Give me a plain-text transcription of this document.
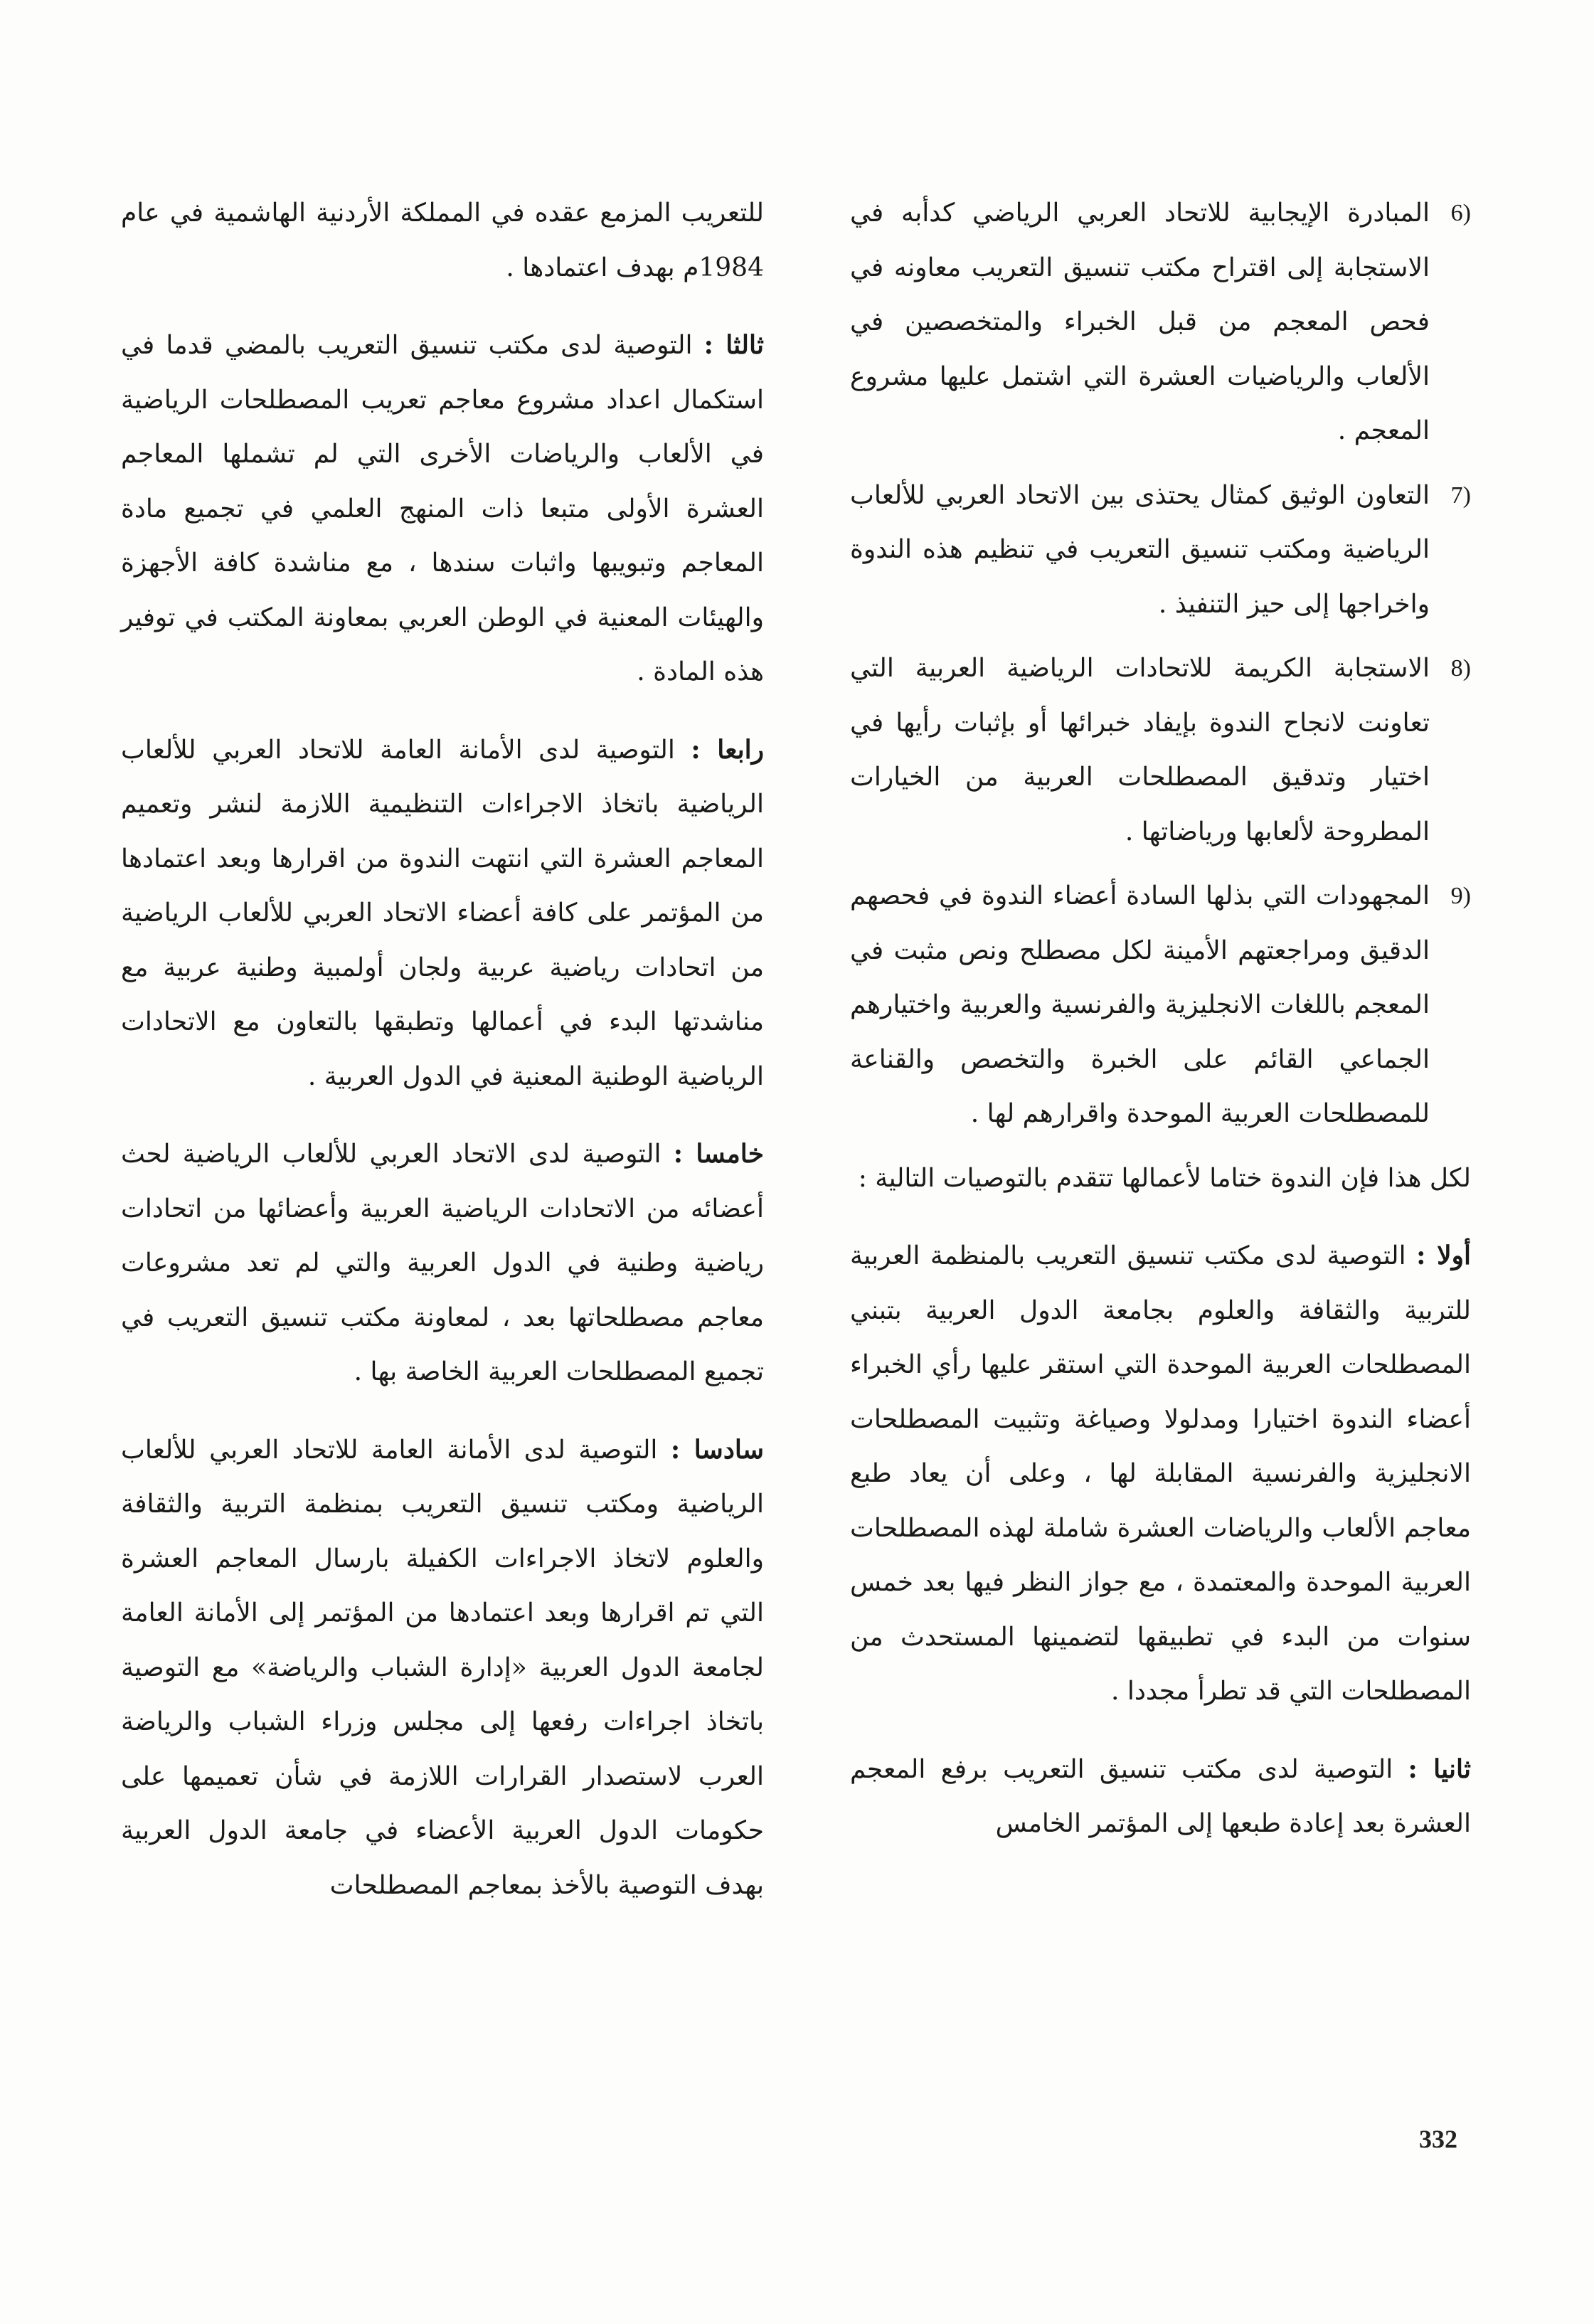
6)
المبادرة الإيجابية للاتحاد العربي الرياضي كدأبه في الاستجابة إلى اقتراح مكتب تنسيق التعريب معاونه في فحص المعجم من قبل الخبراء والمتخصصين في الألعاب والرياضيات العشرة التي اشتمل عليها مشروع المعجم .
7)
التعاون الوثيق كمثال يحتذى بين الاتحاد العربي للألعاب الرياضية ومكتب تنسيق التعريب في تنظيم هذه الندوة واخراجها إلى حيز التنفيذ .
8)
الاستجابة الكريمة للاتحادات الرياضية العربية التي تعاونت لانجاح الندوة بإيفاد خبرائها أو بإثبات رأيها في اختيار وتدقيق المصطلحات العربية من الخيارات المطروحة لألعابها ورياضاتها .
9)
المجهودات التي بذلها السادة أعضاء الندوة في فحصهم الدقيق ومراجعتهم الأمينة لكل مصطلح ونص مثبت في المعجم باللغات الانجليزية والفرنسية والعربية واختيارهم الجماعي القائم على الخبرة والتخصص والقناعة للمصطلحات العربية الموحدة واقرارهم لها .

لكل هذا فإن الندوة ختاما لأعمالها تتقدم بالتوصيات التالية :

أولا : التوصية لدى مكتب تنسيق التعريب بالمنظمة العربية للتربية والثقافة والعلوم بجامعة الدول العربية بتبني المصطلحات العربية الموحدة التي استقر عليها رأي الخبراء أعضاء الندوة اختيارا ومدلولا وصياغة وتثبيت المصطلحات الانجليزية والفرنسية المقابلة لها ، وعلى أن يعاد طبع معاجم الألعاب والرياضات العشرة شاملة لهذه المصطلحات العربية الموحدة والمعتمدة ، مع جواز النظر فيها بعد خمس سنوات من البدء في تطبيقها لتضمينها المستحدث من المصطلحات التي قد تطرأ مجددا .

ثانيا : التوصية لدى مكتب تنسيق التعريب برفع المعجم العشرة بعد إعادة طبعها إلى المؤتمر الخامس

للتعريب المزمع عقده في المملكة الأردنية الهاشمية في عام 1984م بهدف اعتمادها .

ثالثا : التوصية لدى مكتب تنسيق التعريب بالمضي قدما في استكمال اعداد مشروع معاجم تعريب المصطلحات الرياضية في الألعاب والرياضات الأخرى التي لم تشملها المعاجم العشرة الأولى متبعا ذات المنهج العلمي في تجميع مادة المعاجم وتبويبها واثبات سندها ، مع مناشدة كافة الأجهزة والهيئات المعنية في الوطن العربي بمعاونة المكتب في توفير هذه المادة .

رابعا : التوصية لدى الأمانة العامة للاتحاد العربي للألعاب الرياضية باتخاذ الاجراءات التنظيمية اللازمة لنشر وتعميم المعاجم العشرة التي انتهت الندوة من اقرارها وبعد اعتمادها من المؤتمر على كافة أعضاء الاتحاد العربي للألعاب الرياضية من اتحادات رياضية عربية ولجان أولمبية وطنية عربية مع مناشدتها البدء في أعمالها وتطبقها بالتعاون مع الاتحادات الرياضية الوطنية المعنية في الدول العربية .

خامسا : التوصية لدى الاتحاد العربي للألعاب الرياضية لحث أعضائه من الاتحادات الرياضية العربية وأعضائها من اتحادات رياضية وطنية في الدول العربية والتي لم تعد مشروعات معاجم مصطلحاتها بعد ، لمعاونة مكتب تنسيق التعريب في تجميع المصطلحات العربية الخاصة بها .

سادسا : التوصية لدى الأمانة العامة للاتحاد العربي للألعاب الرياضية ومكتب تنسيق التعريب بمنظمة التربية والثقافة والعلوم لاتخاذ الاجراءات الكفيلة بارسال المعاجم العشرة التي تم اقرارها وبعد اعتمادها من المؤتمر إلى الأمانة العامة لجامعة الدول العربية «إدارة الشباب والرياضة» مع التوصية باتخاذ اجراءات رفعها إلى مجلس وزراء الشباب والرياضة العرب لاستصدار القرارات اللازمة في شأن تعميمها على حكومات الدول العربية الأعضاء في جامعة الدول العربية بهدف التوصية بالأخذ بمعاجم المصطلحات

332
